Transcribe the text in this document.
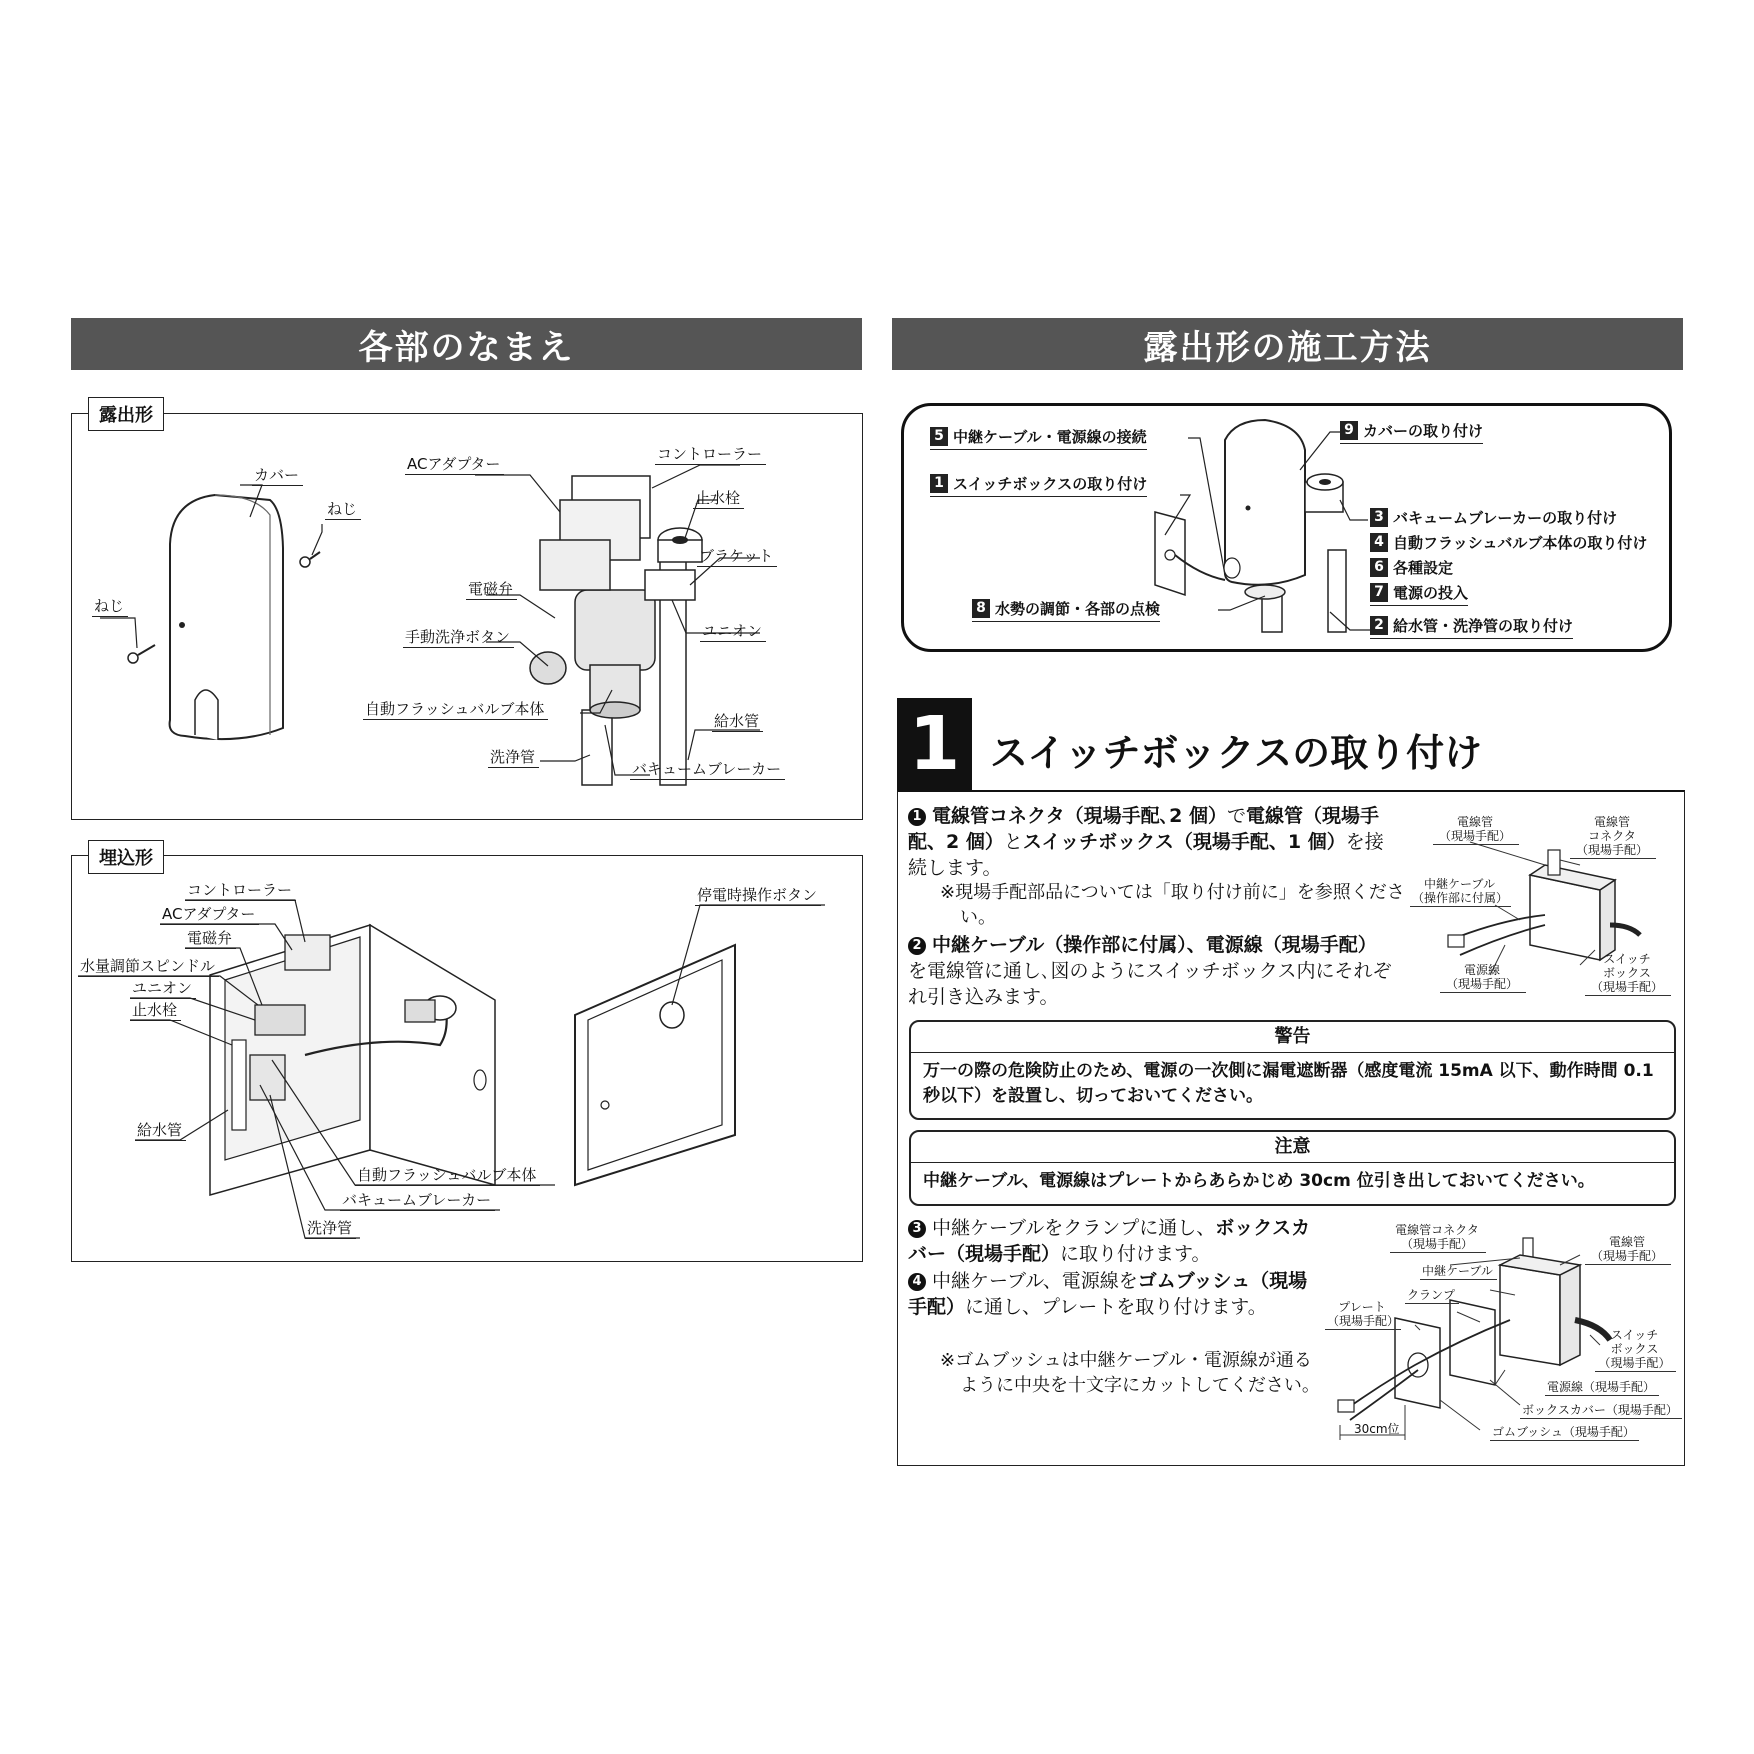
各部のなまえ
露出形
カバー
ねじ
ねじ
ACアダプター
コントローラー
止水栓
ブラケット
電磁弁
ユニオン
手動洗浄ボタン
自動フラッシュバルブ本体
給水管
洗浄管
バキュームブレーカー
埋込形
コントローラー
ACアダプター
電磁弁
水量調節スピンドル
ユニオン
止水栓
給水管
停電時操作ボタン
自動フラッシュバルブ本体
バキュームブレーカー
洗浄管
露出形の施工方法
5 中継ケーブル・電源線の接続
1 スイッチボックスの取り付け
9 カバーの取り付け
3 バキュームブレーカーの取り付け
4 自動フラッシュバルブ本体の取り付け
6 各種設定
7 電源の投入
8 水勢の調節・各部の点検
2 給水管・洗浄管の取り付け
1 スイッチボックスの取り付け
1 電線管コネクタ（現場手配､2 個）で電線管（現場手配、2 個）とスイッチボックス（現場手配、1 個）を接続します。
※現場手配部品については「取り付け前に」を参照ください。
2 中継ケーブル（操作部に付属）、電源線（現場手配）を電線管に通し､図のようにスイッチボックス内にそれぞれ引き込みます。
電線管
（現場手配）
電線管
コネクタ
（現場手配）
中継ケーブル
（操作部に付属）
電源線
（現場手配）
スイッチ
ボックス
（現場手配）
警告
万一の際の危険防止のため、電源の一次側に漏電遮断器（感度電流 15mA 以下、動作時間 0.1 秒以下）を設置し、切っておいてください。
注意
中継ケーブル、電源線はプレートからあらかじめ 30cm 位引き出しておいてください。
3 中継ケーブルをクランプに通し、ボックスカバー（現場手配）に取り付けます。
4 中継ケーブル、電源線をゴムブッシュ（現場手配）に通し、プレートを取り付けます。
※ゴムブッシュは中継ケーブル・電源線が通るように中央を十文字にカットしてください。
電線管コネクタ
（現場手配）	電線管
（現場手配）
中継ケーブル
クランプ
プレート
（現場手配）
スイッチ
ボックス
（現場手配）
電源線（現場手配）
ボックスカバー（現場手配）
ゴムブッシュ（現場手配）
30cm位
